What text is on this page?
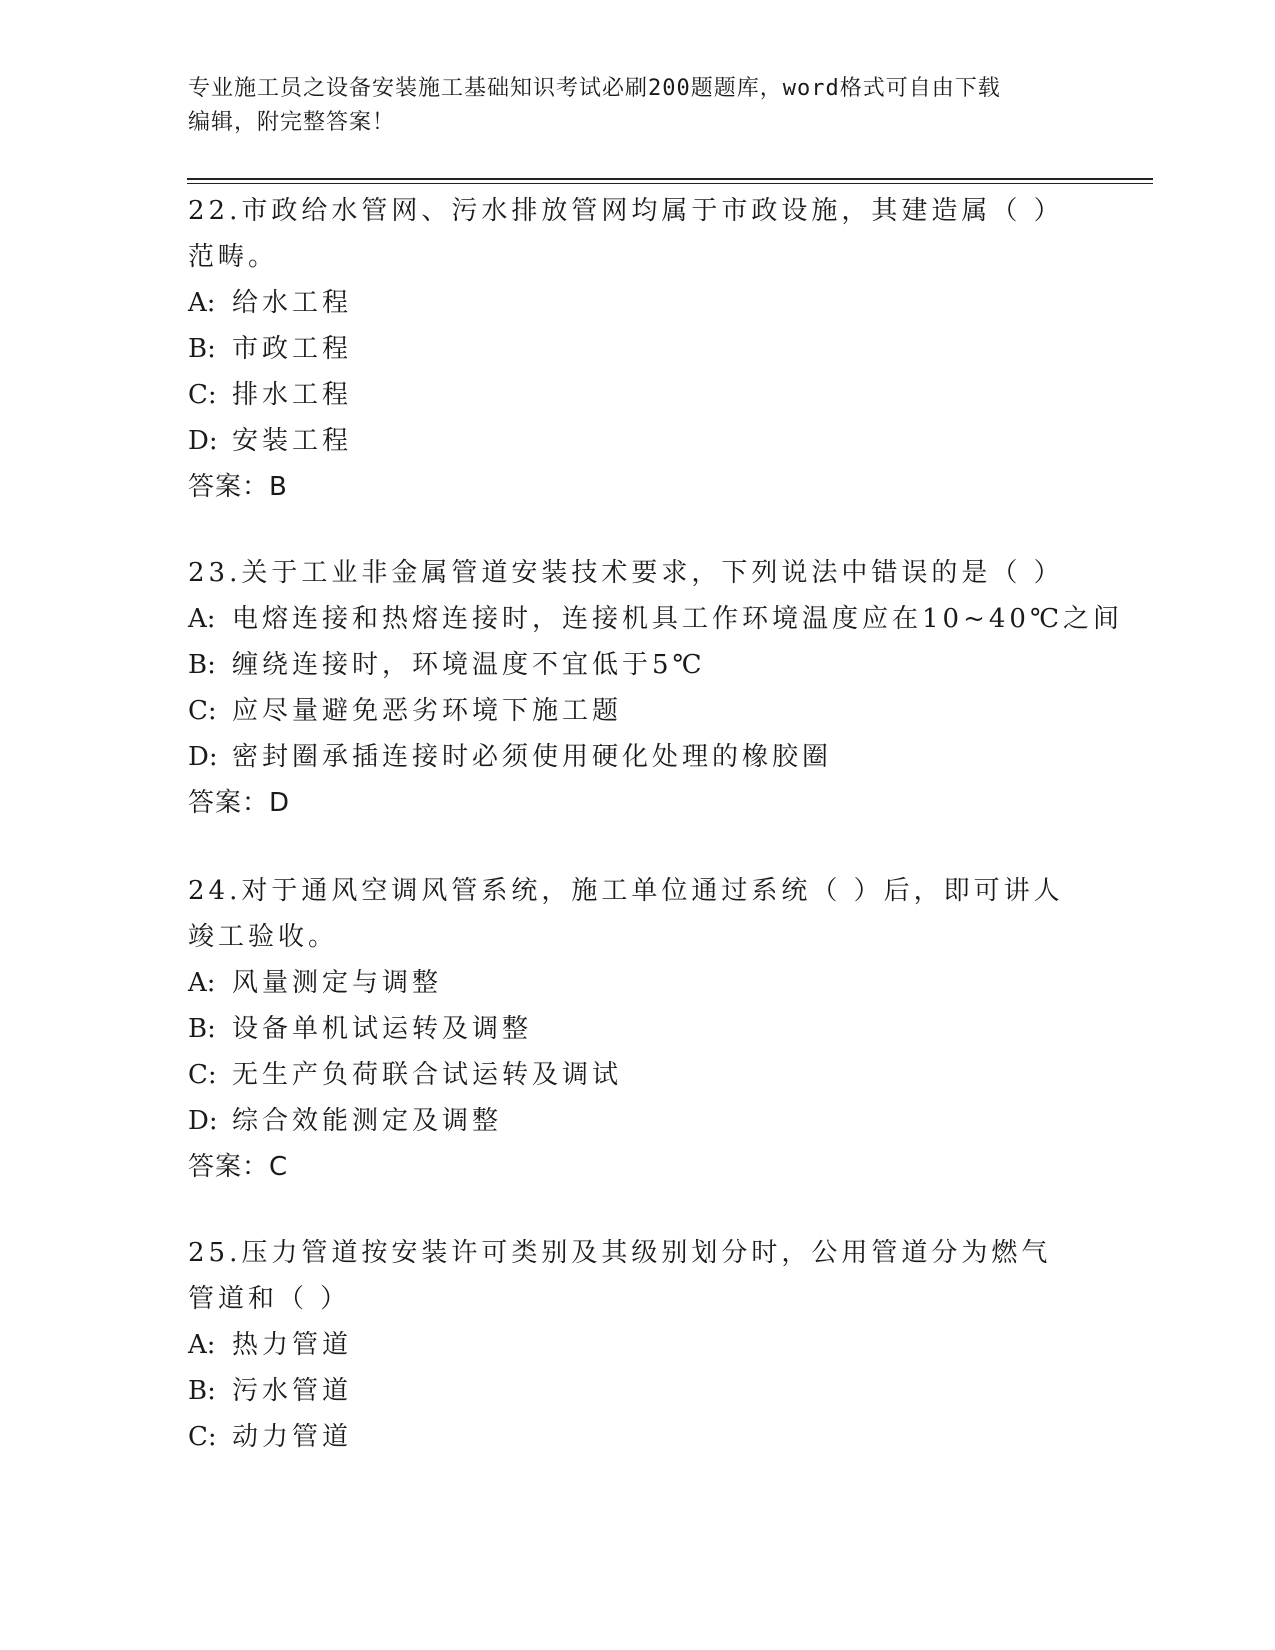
专业施工员之设备安装施工基础知识考试必刷200题题库，word格式可自由下载
编辑，附完整答案！
22.市政给水管网、污水排放管网均属于市政设施，其建造属（ ）范畴。
A: 给水工程
B: 市政工程
C: 排水工程
D: 安装工程
答案：B
23.关于工业非金属管道安装技术要求，下列说法中错误的是（ ）
A: 电熔连接和热熔连接时，连接机具工作环境温度应在10~40℃之间
B: 缠绕连接时，环境温度不宜低于5℃
C: 应尽量避免恶劣环境下施工题
D: 密封圈承插连接时必须使用硬化处理的橡胶圈
答案：D
24.对于通风空调风管系统，施工单位通过系统（ ）后，即可讲人竣工验收。
A: 风量测定与调整
B: 设备单机试运转及调整
C: 无生产负荷联合试运转及调试
D: 综合效能测定及调整
答案：C
25.压力管道按安装许可类别及其级别划分时，公用管道分为燃气管道和（ ）
A: 热力管道
B: 污水管道
C: 动力管道
